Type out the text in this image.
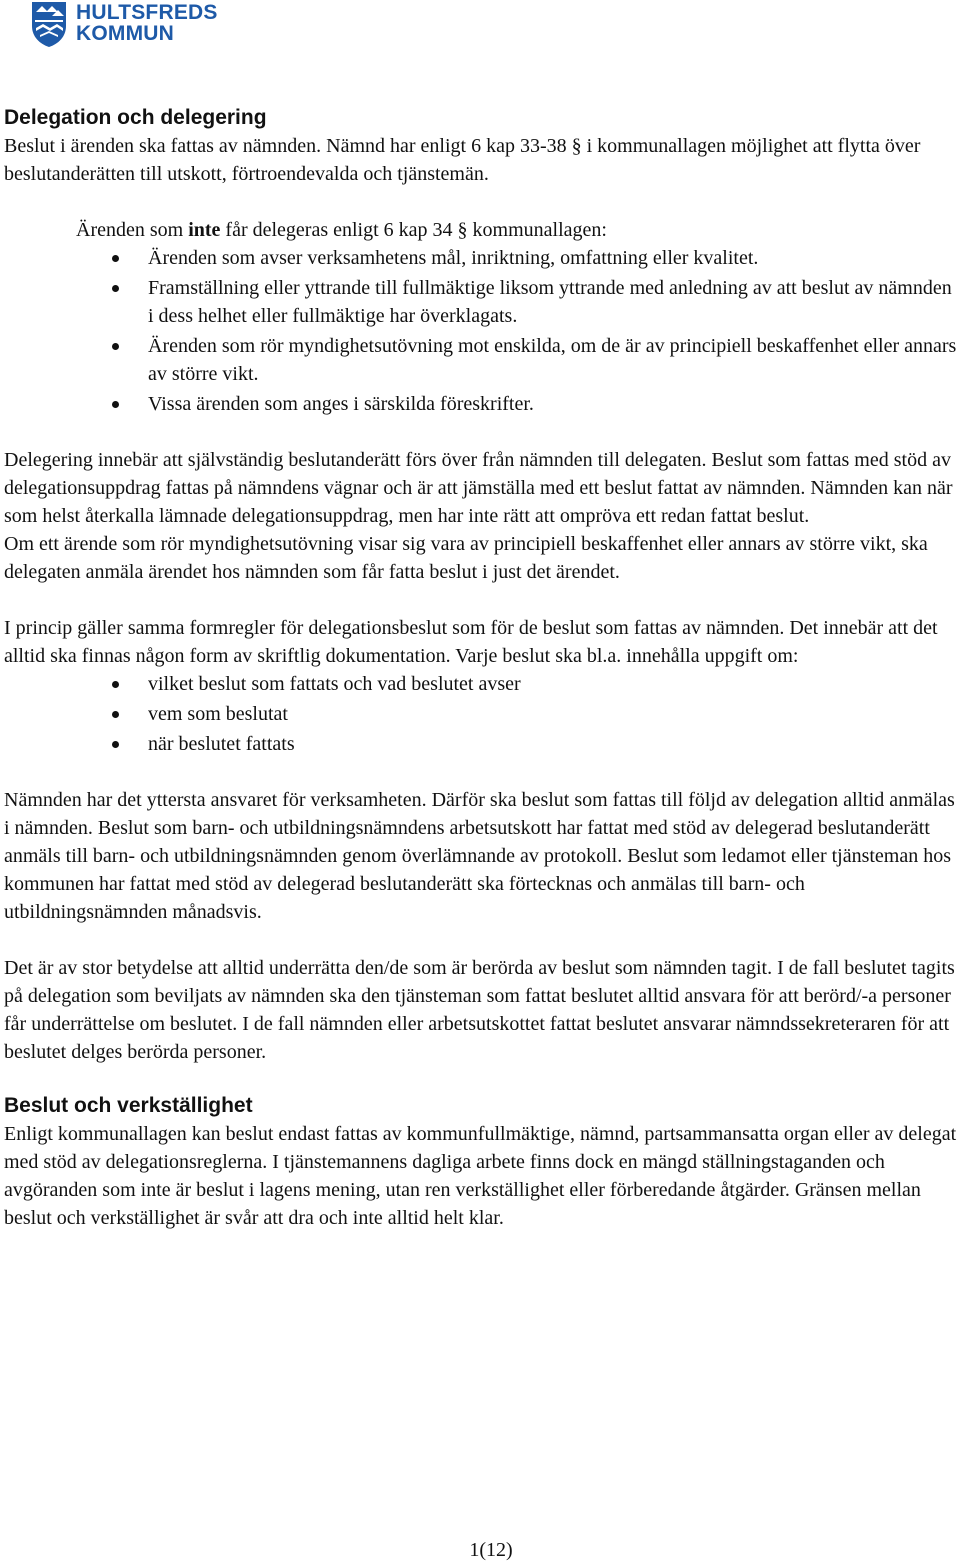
HULTSFREDS
KOMMUN
Delegation och delegering

Beslut i ärenden ska fattas av nämnden. Nämnd har enligt 6 kap 33-38 § i kommunallagen möjlighet att flytta över beslutanderätten till utskott, förtroendevalda och tjänstemän.

Ärenden som inte får delegeras enligt 6 kap 34 § kommunallagen:

Ärenden som avser verksamhetens mål, inriktning, omfattning eller kvalitet.
Framställning eller yttrande till fullmäktige liksom yttrande med anledning av att beslut av nämnden i dess helhet eller fullmäktige har överklagats.
Ärenden som rör myndighetsutövning mot enskilda, om de är av principiell beskaffenhet eller annars av större vikt.
Vissa ärenden som anges i särskilda föreskrifter.

Delegering innebär att självständig beslutanderätt förs över från nämnden till delegaten. Beslut som fattas med stöd av delegationsuppdrag fattas på nämndens vägnar och är att jämställa med ett beslut fattat av nämnden. Nämnden kan när som helst återkalla lämnade delegationsuppdrag, men har inte rätt att ompröva ett redan fattat beslut.

Om ett ärende som rör myndighetsutövning visar sig vara av principiell beskaffenhet eller annars av större vikt, ska delegaten anmäla ärendet hos nämnden som får fatta beslut i just det ärendet.

I princip gäller samma formregler för delegationsbeslut som för de beslut som fattas av nämnden. Det innebär att det alltid ska finnas någon form av skriftlig dokumentation. Varje beslut ska bl.a. innehålla uppgift om:

vilket beslut som fattats och vad beslutet avser
vem som beslutat
när beslutet fattats

Nämnden har det yttersta ansvaret för verksamheten. Därför ska beslut som fattas till följd av delegation alltid anmälas i nämnden. Beslut som barn- och utbildningsnämndens arbetsutskott har fattat med stöd av delegerad beslutanderätt anmäls till barn- och utbildningsnämnden genom överlämnande av protokoll. Beslut som ledamot eller tjänsteman hos kommunen har fattat med stöd av delegerad beslutanderätt ska förtecknas och anmälas till barn- och utbildningsnämnden månadsvis.

Det är av stor betydelse att alltid underrätta den/de som är berörda av beslut som nämnden tagit. I de fall beslutet tagits på delegation som beviljats av nämnden ska den tjänsteman som fattat beslutet alltid ansvara för att berörd/-a personer får underrättelse om beslutet. I de fall nämnden eller arbetsutskottet fattat beslutet ansvarar nämndssekreteraren för att beslutet delges berörda personer.

Beslut och verkställighet

Enligt kommunallagen kan beslut endast fattas av kommunfullmäktige, nämnd, partsammansatta organ eller av delegat med stöd av delegationsreglerna. I tjänstemannens dagliga arbete finns dock en mängd ställningstaganden och avgöranden som inte är beslut i lagens mening, utan ren verkställighet eller förberedande åtgärder. Gränsen mellan beslut och verkställighet är svår att dra och inte alltid helt klar.

1(12)
